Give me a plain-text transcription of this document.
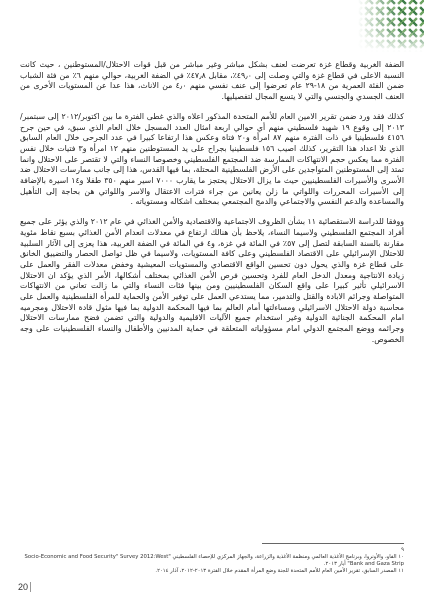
الضفة الغربية وقطاع غزة تعرضت لعنف بشكل مباشر وغير مباشر من قبل قوات الاحتلال/المستوطنين ، حيث كانت النسبة الاعلى في قطاع غزة والتي وصلت إلى ٤٩٫٠٪، مقابل ٤٧٫٨٪ في الضفة الغربية، حوالي منهم ٦٪ من فئة الشباب ضمن الفئة العمرية من ١٨-٢٩ عام تعرضوا إلى عنف نفسي منهم ٤٫٠ من الاناث، هذا عدا عن المستويات الأخرى من العنف الجسدي والجنسي والتي لا يتسع المجال لتفصيليها.

كذلك فقد ورد ضمن تقرير الامين العام للأمم المتحدة المذكور اعلاه والذي غطى الفترة ما بين اكتوبر/٢٠١٢ إلى سبتمبر/٢٠١٣ إلى وقوع ١٩ شهيد فلسطيني منهم أي حوالي اربعة امثال العدد المسجل خلال العام الذي سبق، في حين جرح ٤١٥٦ فلسطينيا في ذات الفترة منهم ٨٧ امرأة و٢٠ فتاة وعكس هذا ارتفاعا كبيرا في عدد الجرحى خلال العام السابق الذي تلا اعداد هذا التقرير، كذلك اصيب ١٥٦ فلسطينيا بجراح على يد المستوطنين منهم ١٢ امرأة و٣ فتيات خلال نفس الفترة مما يعكس حجم الانتهاكات الممارسة ضد المجتمع الفلسطيني وخصوصا النساء والتي لا تقتصر على الاحتلال وانما تمتد إلى المستوطنين المتواجدين على الأرض الفلسطينية المحتلة، بما فيها القدس، هذا إلى جانب ممارسات الاحتلال ضد الأسرى والأسيرات الفلسطينيين حيث ما يزال الاحتلال يحتجز ما يقارب ٧٠٠٠ اسير منهم ٣٥٠ طفلا و١٤ اسيرة بالإضافة إلى الأسيرات المحررات واللواتي ما زلن يعانين من جراء فترات الاعتقال والاسر واللواتي هن بحاجة إلى التأهيل والمساعدة والدعم النفسي والاجتماعي والدمج المجتمعي بمختلف اشكاله ومستوياته .

ووفقا للدراسة الاستقصائية ١١ بشأن الظروف الاجتماعية والاقتصادية والأمن الغذائي في عام ٢٠١٢ والذي يؤثر على جميع أفراد المجتمع الفلسطيني ولاسيما النساء، يلاحظ بأن هنالك ارتفاع في معدلات انعدام الأمن الغذائي بسبع نقاط مئوية مقارنة بالسنة السابقة لتصل إلى ٥٧٪ في المائة في غزة، و٤ في المائة في الضفة الغربية، هذا يعزى إلى الآثار السلبية للاحتلال الإسرائيلي على الاقتصاد الفلسطيني وعلى كافة المستويات، ولاسيما في ظل تواصل الحصار والتضييق الخانق على قطاع غزة والذي يحول دون تحسين الواقع الاقتصادي والمستويات المعيشية وخفض معدلات الفقر والعمل على زيادة الانتاجية ومعدل الدخل العام للفرد وتحسين فرص الأمن الغذائي بمختلف أشكالها، الأمر الذي يؤكد ان الاحتلال الاسرائيلي تأثير كبيرا على واقع السكان الفلسطينيين ومن بينها فئات النساء والتي ما زالت تعاني من الانتهاكات المتواصلة وجرائم الابادة والقتل والتدمير، مما يستدعي العمل على توفير الأمن والحماية للمرأة الفلسطينية والعمل على محاسبة دولة الاحتلال الاسرائيلي ومساءلتها أمام العالم بما فيها المحكمة الدولية بما فيها مثول قادة الاحتلال ومجرميه امام المحكمة الجنائية الدولية وغير استخدام جميع الآليات الاقليمية والدولية والتي تضمن فضح ممارسات الاحتلال وجرائمه ووضع المجتمع الدولي امام مسؤولياته المتعلقة في حماية المدنيين والأطفال والنساء الفلسطينيات على وجه الخصوص.

٩

١٠ الفاو، والأونروا، وبرنامج الأغذية العالمي ومنظمة الأغذية والزراعة، والجهاز المركزي للإحصاء الفلسطيني "Socio-Economic and Food Security" Survey 2012:West Bank and Gaza Strip" أيار ٢٠١٣.

١١ المصدر السابق، تقرير الأمين العام للأمم المتحدة للجنة وضع المرأة المقدم خلال الفترة ٢٠١٣-٢٠١٢، آذار ٢٠١٤.

20
